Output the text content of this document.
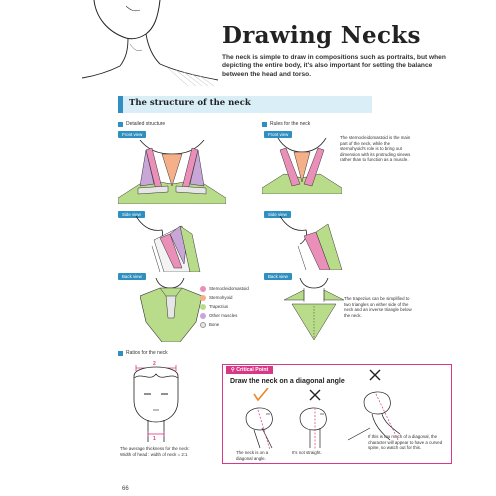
Drawing Necks
The neck is simple to draw in compositions such as portraits, but when depicting the entire body, it's also important for setting the balance between the head and torso.
The structure of the neck
Detailed structure
Front view
Side view
Back view
Sternocleidomastoid
Sternohyoid
Trapezius
Other muscles
Bone
Rules for the neck
Front view
The sternocleidomastoid is the main part of the neck, while the sternohyoid's role is to bring out dimension with its protruding sinews rather than to function as a muscle.
Side view
Back view
The trapezius can be simplified to two triangles on either side of the neck and an inverse triangle below the neck.
Ratios for the neck
2
1
The average thickness for the neck: Width of head : width of neck = 2:1
⚲ Critical Point
Draw the neck on a diagonal angle
The neck is on a diagonal angle.
It's not straight.
If this is too much of a diagonal, the character will appear to have a curved spine, so watch out for this.
66
